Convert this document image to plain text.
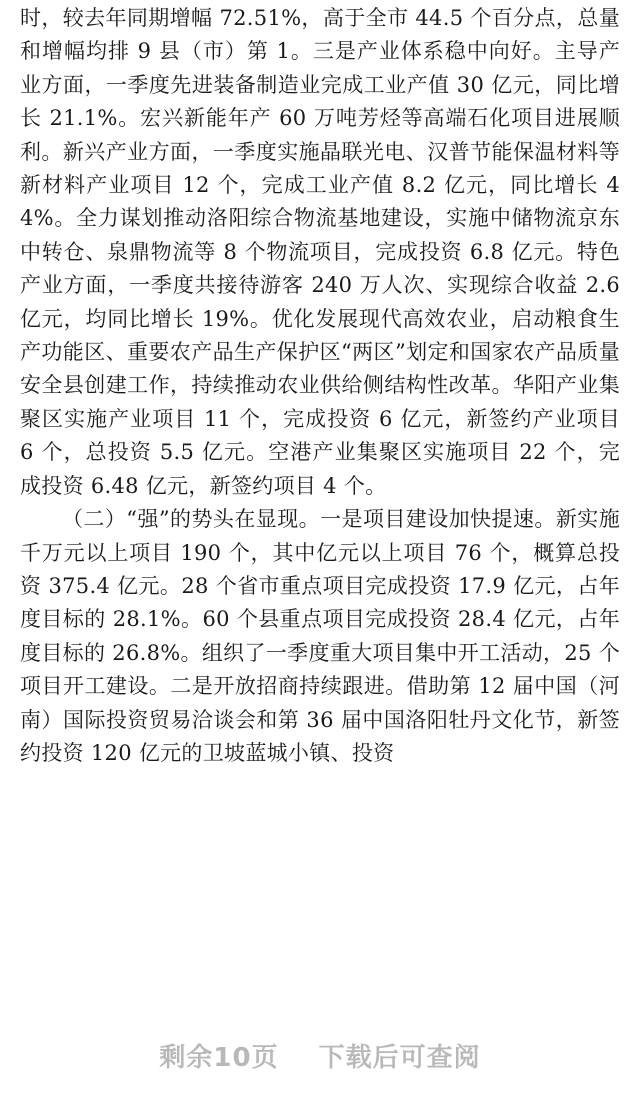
时，较去年同期增幅 72.51%，高于全市 44.5 个百分点，总量和增幅均排 9 县（市）第 1。三是产业体系稳中向好。主导产业方面，一季度先进装备制造业完成工业产值 30 亿元，同比增长 21.1%。宏兴新能年产 60 万吨芳烃等高端石化项目进展顺利。新兴产业方面，一季度实施晶联光电、汉普节能保温材料等新材料产业项目 12 个，完成工业产值 8.2 亿元，同比增长 44%。全力谋划推动洛阳综合物流基地建设，实施中储物流京东中转仓、泉鼎物流等 8 个物流项目，完成投资 6.8 亿元。特色产业方面，一季度共接待游客 240 万人次、实现综合收益 2.6 亿元，均同比增长 19%。优化发展现代高效农业，启动粮食生产功能区、重要农产品生产保护区“两区”划定和国家农产品质量安全县创建工作，持续推动农业供给侧结构性改革。华阳产业集聚区实施产业项目 11 个，完成投资 6 亿元，新签约产业项目 6 个，总投资 5.5 亿元。空港产业集聚区实施项目 22 个，完成投资 6.48 亿元，新签约项目 4 个。

（二）“强”的势头在显现。一是项目建设加快提速。新实施千万元以上项目 190 个，其中亿元以上项目 76 个，概算总投资 375.4 亿元。28 个省市重点项目完成投资 17.9 亿元，占年度目标的 28.1%。60 个县重点项目完成投资 28.4 亿元，占年度目标的 26.8%。组织了一季度重大项目集中开工活动，25 个项目开工建设。二是开放招商持续跟进。借助第 12 届中国（河南）国际投资贸易洽谈会和第 36 届中国洛阳牡丹文化节，新签约投资 120 亿元的卫坡蓝城小镇、投资

剩余10页 下载后可查阅
